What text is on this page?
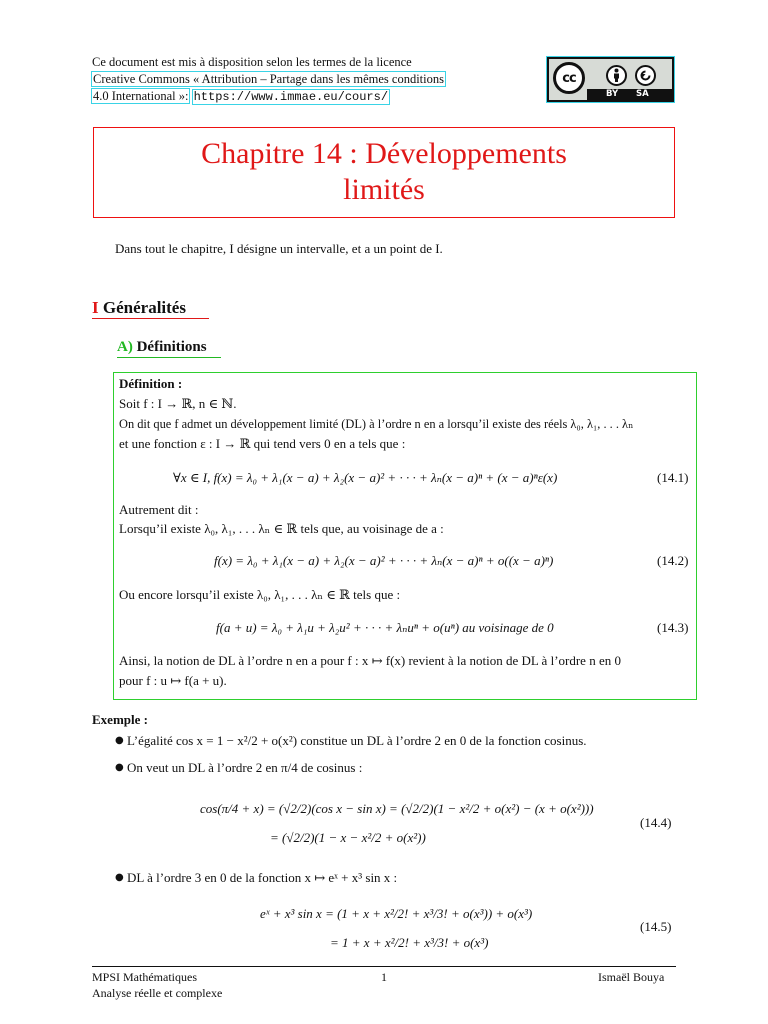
Ce document est mis à disposition selon les termes de la licence
Creative Commons « Attribution – Partage dans les mêmes conditions
4.0 International »: https://www.immae.eu/cours/
cc
BY SA
Chapitre 14 : Développements
limités
Dans tout le chapitre, I désigne un intervalle, et a un point de I.
I Généralités
A) Définitions
Définition :
Soit f : I → ℝ, n ∈ ℕ.
On dit que f admet un développement limité (DL) à l’ordre n en a lorsqu’il existe des réels λ₀, λ₁, . . . λₙ
et une fonction ε : I → ℝ qui tend vers 0 en a tels que :
∀x ∈ I, f(x) = λ₀ + λ₁(x − a) + λ₂(x − a)² + · · · + λₙ(x − a)ⁿ + (x − a)ⁿε(x)	(14.1)
Autrement dit :
Lorsqu’il existe λ₀, λ₁, . . . λₙ ∈ ℝ tels que, au voisinage de a :
f(x) = λ₀ + λ₁(x − a) + λ₂(x − a)² + · · · + λₙ(x − a)ⁿ + o((x − a)ⁿ)	(14.2)
Ou encore lorsqu’il existe λ₀, λ₁, . . . λₙ ∈ ℝ tels que :
f(a + u) = λ₀ + λ₁u + λ₂u² + · · · + λₙuⁿ + o(uⁿ) au voisinage de 0	(14.3)
Ainsi, la notion de DL à l’ordre n en a pour f : x ↦ f(x) revient à la notion de DL à l’ordre n en 0
pour f : u ↦ f(a + u).
Exemple :
● L’égalité cos x = 1 − x²/2 + o(x²) constitue un DL à l’ordre 2 en 0 de la fonction cosinus.
● On veut un DL à l’ordre 2 en π/4 de cosinus :
cos(π/4 + x) = (√2/2)(cos x − sin x) = (√2/2)(1 − x²/2 + o(x²) − (x + o(x²)))
= (√2/2)(1 − x − x²/2 + o(x²))
(14.4)
● DL à l’ordre 3 en 0 de la fonction x ↦ eˣ + x³ sin x :
eˣ + x³ sin x = (1 + x + x²/2! + x³/3! + o(x³)) + o(x³)
= 1 + x + x²/2! + x³/3! + o(x³)
(14.5)
MPSI Mathématiques
Analyse réelle et complexe
1	Ismaël Bouya
